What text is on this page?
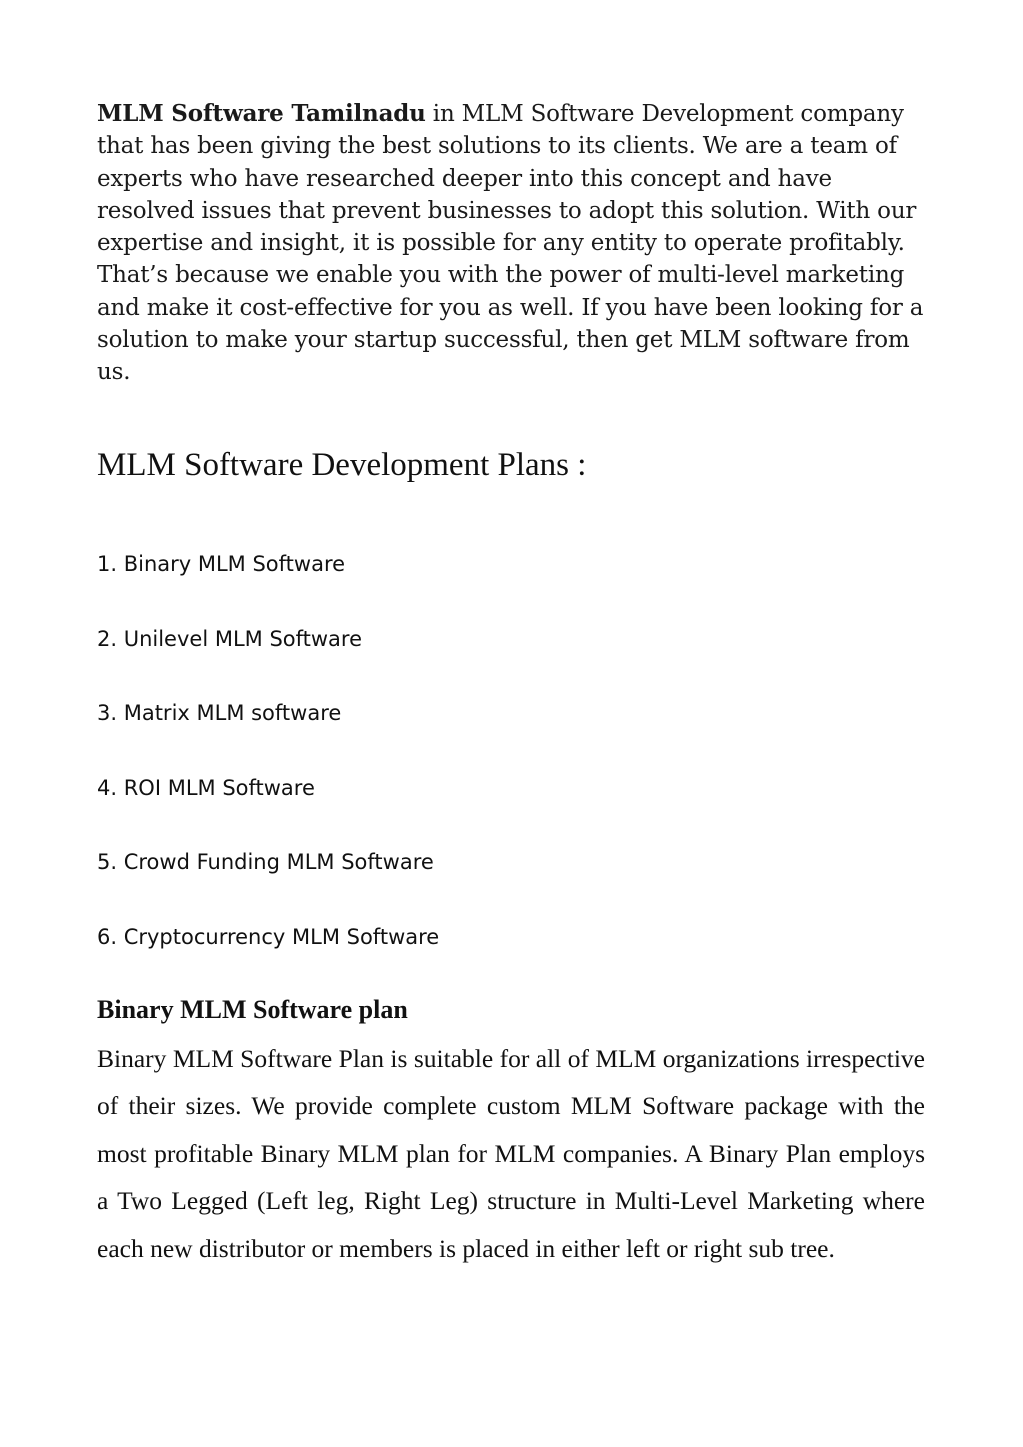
MLM Software Tamilnadu in MLM Software Development company that has been giving the best solutions to its clients. We are a team of experts who have researched deeper into this concept and have resolved issues that prevent businesses to adopt this solution. With our expertise and insight, it is possible for any entity to operate profitably. That’s because we enable you with the power of multi-level marketing and make it cost-effective for you as well. If you have been looking for a solution to make your startup successful, then get MLM software from us.

MLM Software Development Plans :
1. Binary MLM Software
2. Unilevel MLM Software
3. Matrix MLM software
4. ROI MLM Software
5. Crowd Funding MLM Software
6. Cryptocurrency MLM Software
Binary MLM Software plan

Binary MLM Software Plan is suitable for all of MLM organizations irrespective of their sizes. We provide complete custom MLM Software package with the most profitable Binary MLM plan for MLM companies. A Binary Plan employs a Two Legged (Left leg, Right Leg) structure in Multi-Level Marketing where each new distributor or members is placed in either left or right sub tree.
